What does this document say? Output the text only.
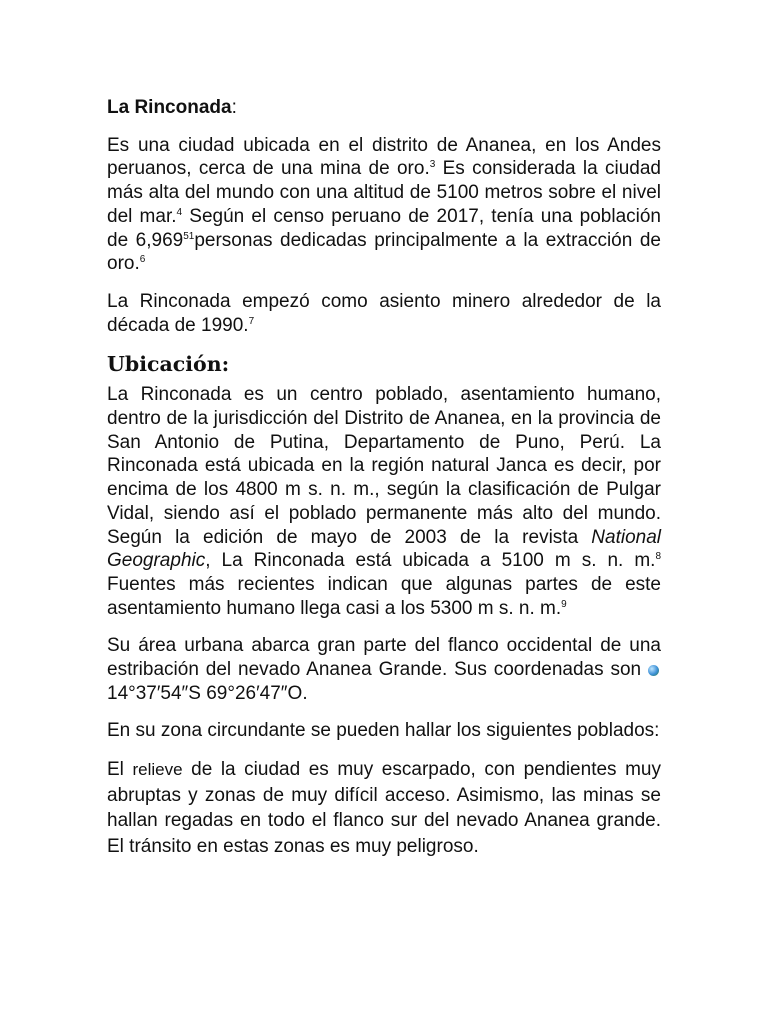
La Rinconada:

Es una ciudad ubicada en el distrito de Ananea, en los Andes peruanos, cerca de una mina de oro.$^3$ Es considerada la ciudad más alta del mundo con una altitud de 5100 metros sobre el nivel del mar.$^4$ Según el censo peruano de 2017, tenía una población de 6,969$^{51}$personas dedicadas principalmente a la extracción de oro.$^6$

La Rinconada empezó como asiento minero alrededor de la década de 1990.$^7$

Ubicación:

La Rinconada es un centro poblado, asentamiento humano, dentro de la jurisdicción del Distrito de Ananea, en la provincia de San Antonio de Putina, Departamento de Puno, Perú. La Rinconada está ubicada en la región natural Janca es decir, por encima de los 4800 m s. n. m., según la clasificación de Pulgar Vidal, siendo así el poblado permanente más alto del mundo. Según la edición de mayo de 2003 de la revista National Geographic, La Rinconada está ubicada a 5100 m s. n. m.$^8$ Fuentes más recientes indican que algunas partes de este asentamiento humano llega casi a los 5300 m s. n. m.$^9$

Su área urbana abarca gran parte del flanco occidental de una estribación del nevado Ananea Grande. Sus coordenadas son 14°37′54″S 69°26′47″O.

En su zona circundante se pueden hallar los siguientes poblados:

El relieve de la ciudad es muy escarpado, con pendientes muy abruptas y zonas de muy difícil acceso. Asimismo, las minas se hallan regadas en todo el flanco sur del nevado Ananea grande. El tránsito en estas zonas es muy peligroso.
